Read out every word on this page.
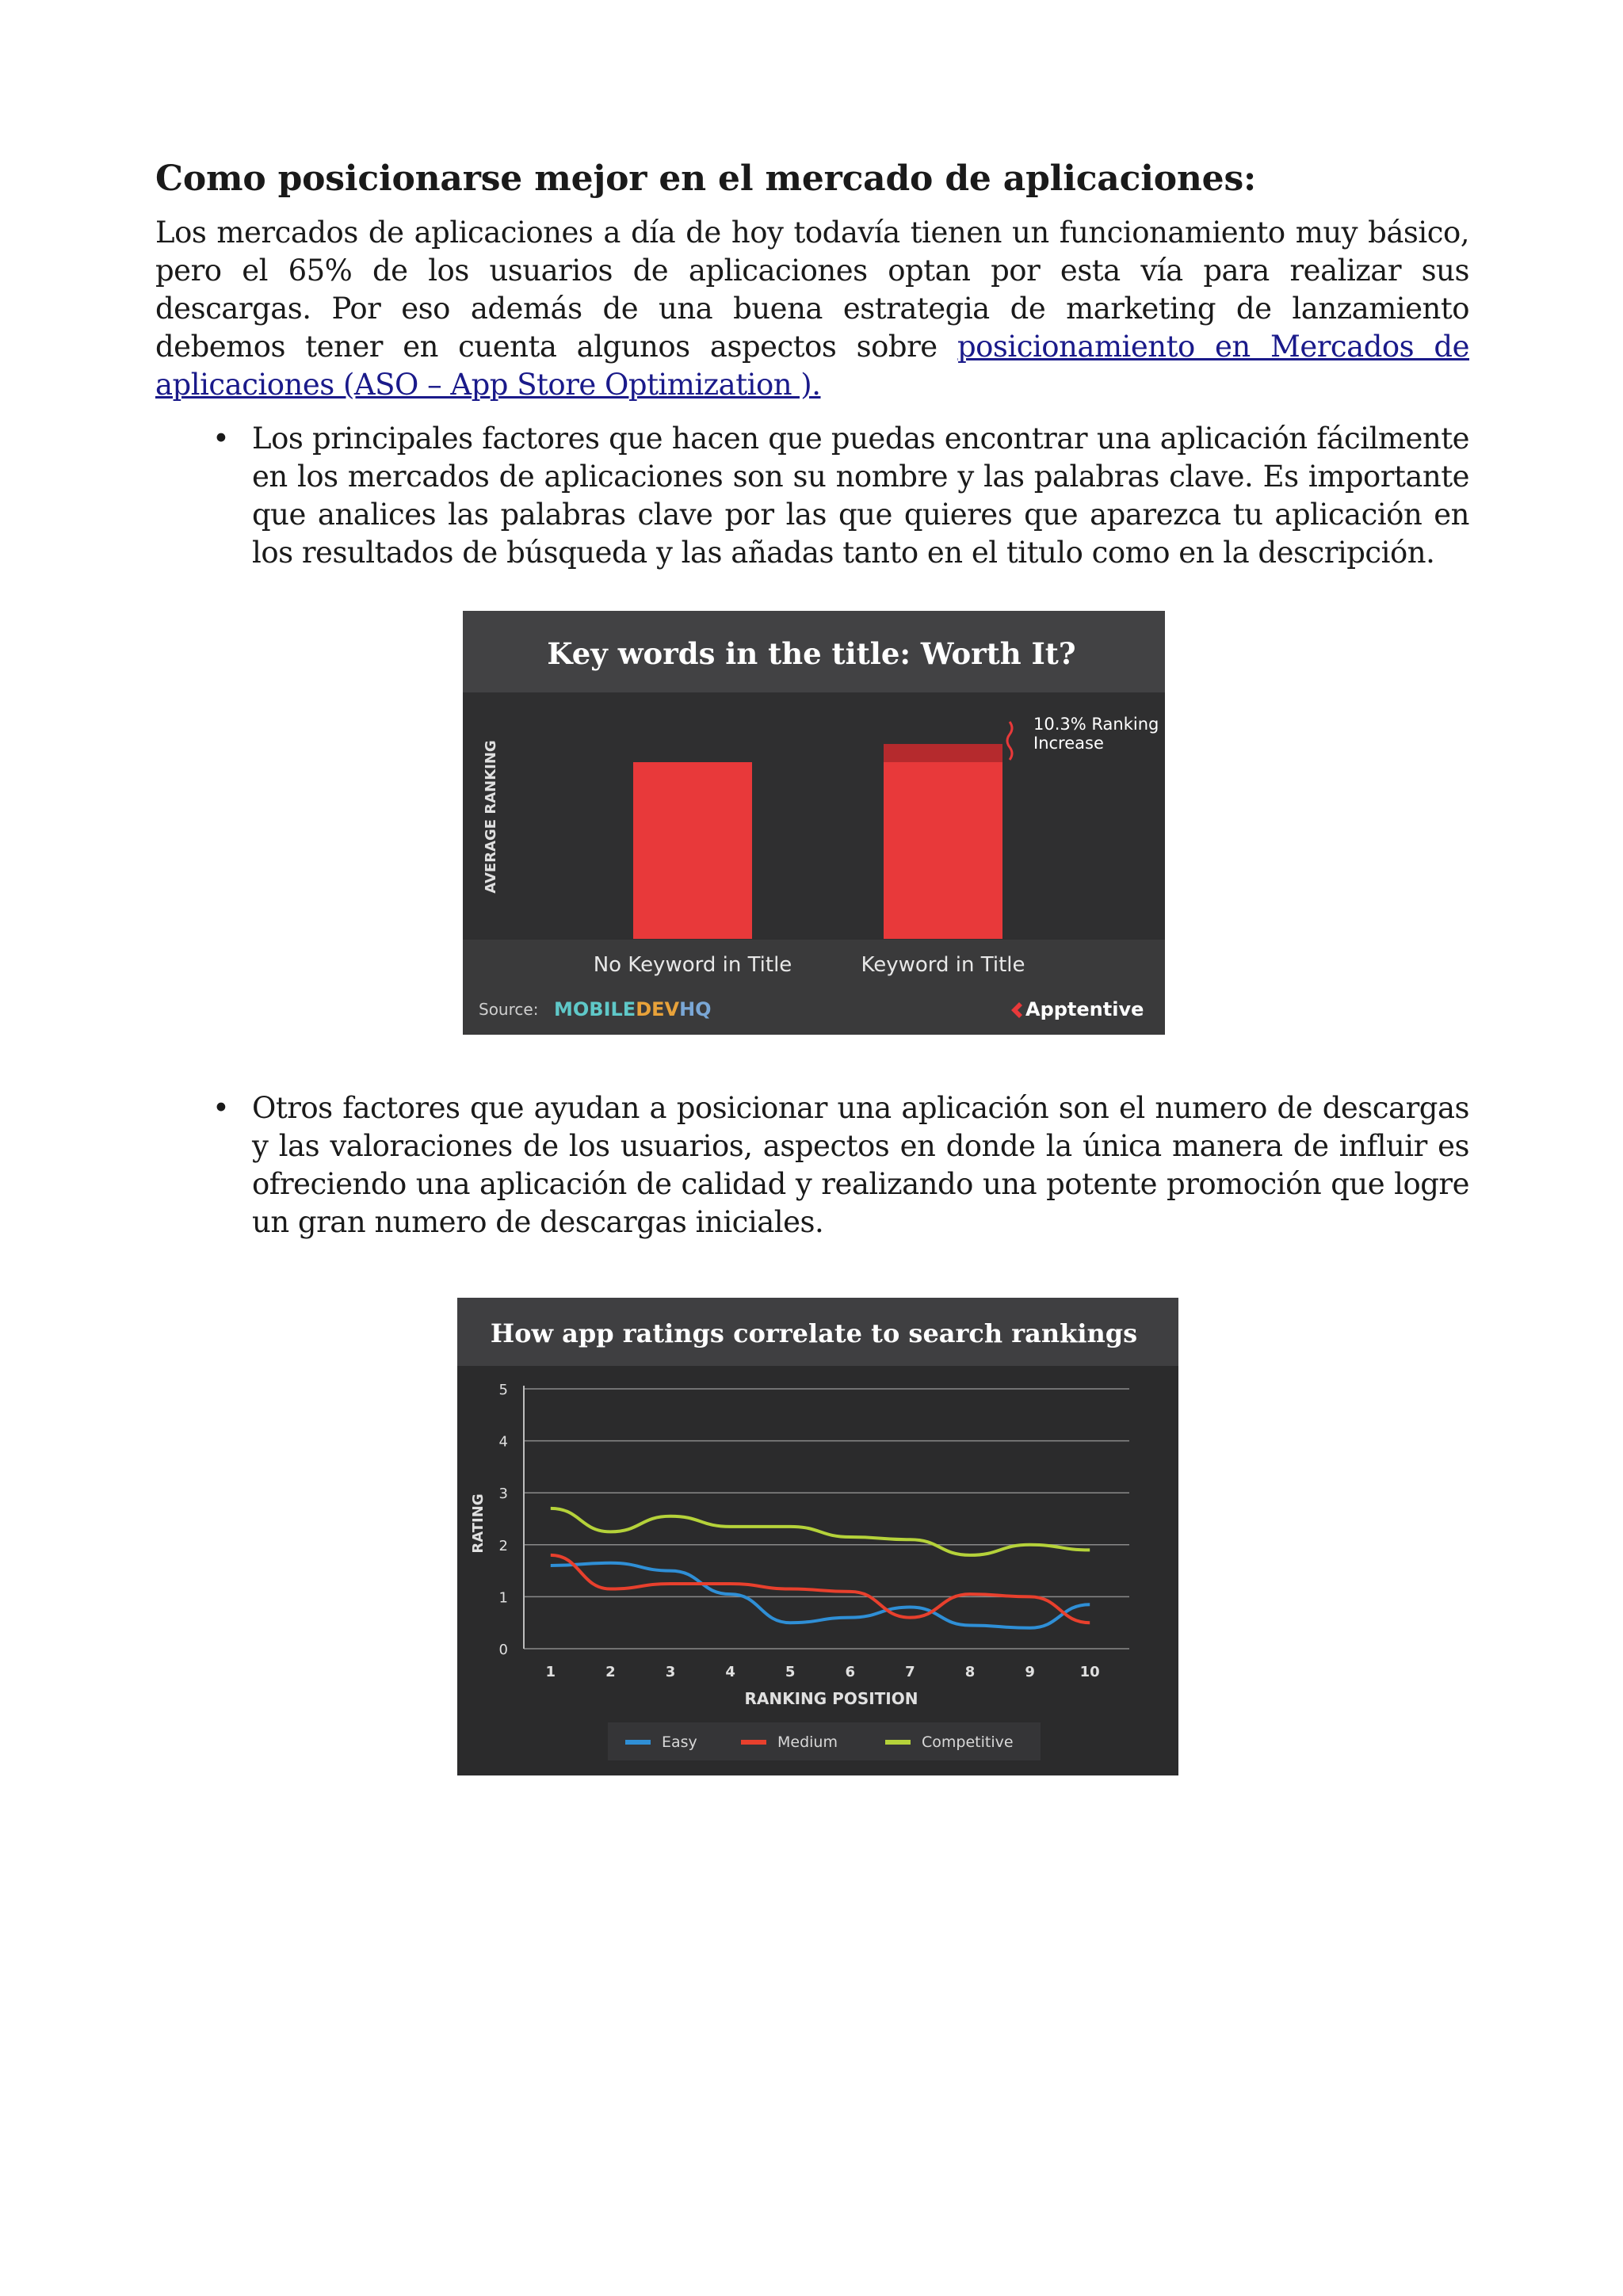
Como posicionarse mejor en el mercado de aplicaciones:

Los mercados de aplicaciones a día de hoy todavía tienen un funcionamiento muy básico, pero el 65% de los usuarios de aplicaciones optan por esta vía para realizar sus descargas. Por eso además de una buena estrategia de marketing de lanzamiento debemos tener en cuenta algunos aspectos sobre posicionamiento en Mercados de aplicaciones (ASO – App Store Optimization ).

• Los principales factores que hacen que puedas encontrar una aplicación fácilmente en los mercados de aplicaciones son su nombre y las palabras clave. Es importante que analices las palabras clave por las que quieres que aparezca tu aplicación en los resultados de búsqueda y las añadas tanto en el titulo como en la descripción.

Key words in the title: Worth It?
AVERAGE RANKING
No Keyword in Title	Keyword in Title
10.3% Ranking
Increase
Source: MOBILEDEVHQ	Apptentive
• Otros factores que ayudan a posicionar una aplicación son el numero de descargas y las valoraciones de los usuarios, aspectos en donde la única manera de influir es ofreciendo una aplicación de calidad y realizando una potente promoción que logre un gran numero de descargas iniciales.

How app ratings correlate to search rankings
0
1
2
3
4
5
1	2	3	4	5	6	7	8	9	10
RATING
RANKING POSITION
Easy	Medium	Competitive
